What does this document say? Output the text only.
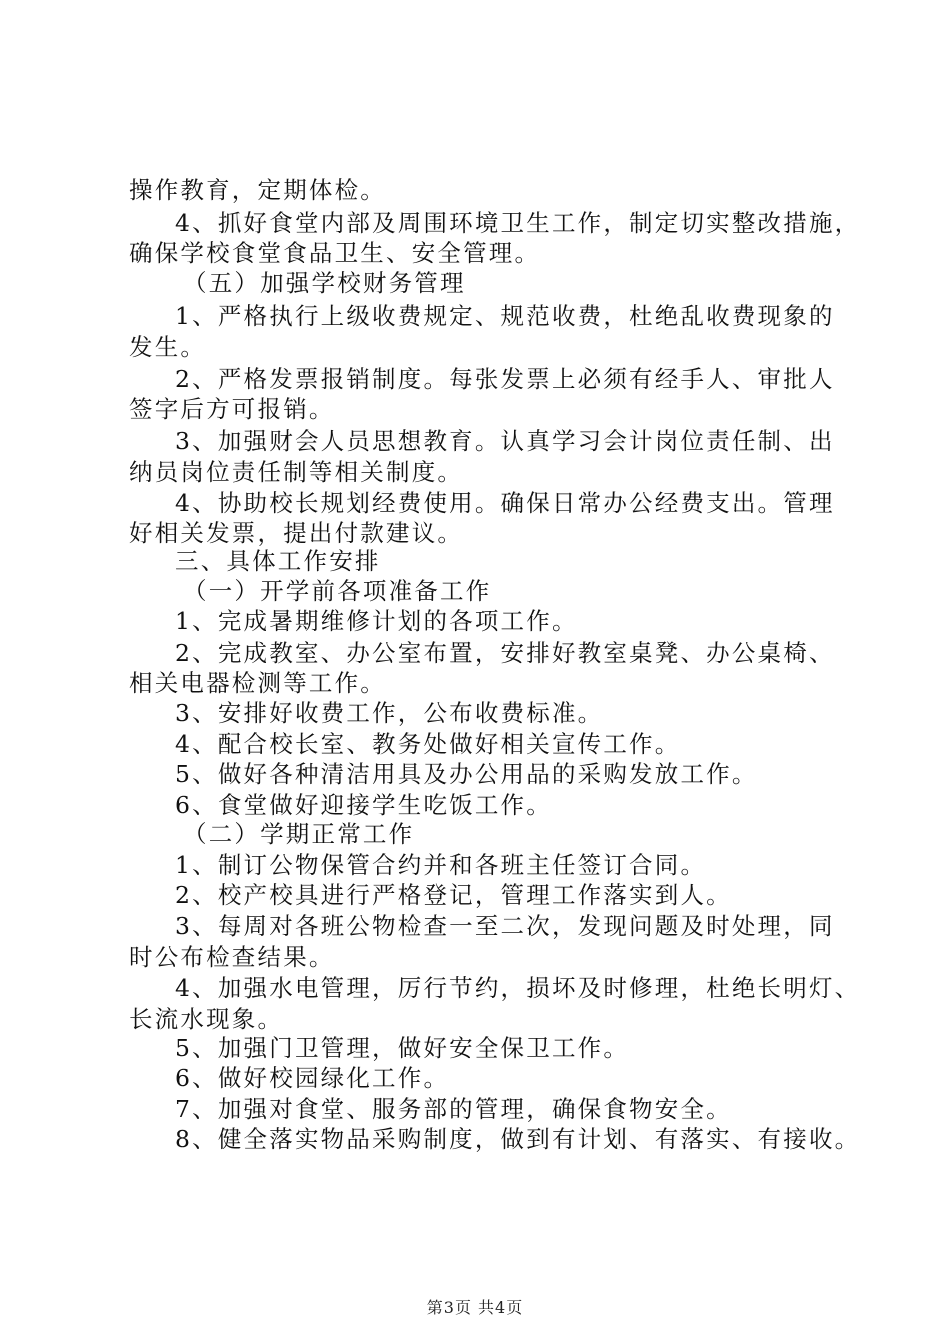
操作教育，定期体检。
4、抓好食堂内部及周围环境卫生工作，制定切实整改措施，
确保学校食堂食品卫生、安全管理。
（五）加强学校财务管理
1、严格执行上级收费规定、规范收费，杜绝乱收费现象的
发生。
2、严格发票报销制度。每张发票上必须有经手人、审批人
签字后方可报销。
3、加强财会人员思想教育。认真学习会计岗位责任制、出
纳员岗位责任制等相关制度。
4、协助校长规划经费使用。确保日常办公经费支出。管理
好相关发票，提出付款建议。
三、具体工作安排
（一）开学前各项准备工作
1、完成暑期维修计划的各项工作。
2、完成教室、办公室布置，安排好教室桌凳、办公桌椅、
相关电器检测等工作。
3、安排好收费工作，公布收费标准。
4、配合校长室、教务处做好相关宣传工作。
5、做好各种清洁用具及办公用品的采购发放工作。
6、食堂做好迎接学生吃饭工作。
（二）学期正常工作
1、制订公物保管合约并和各班主任签订合同。
2、校产校具进行严格登记，管理工作落实到人。
3、每周对各班公物检查一至二次，发现问题及时处理，同
时公布检查结果。
4、加强水电管理，厉行节约，损坏及时修理，杜绝长明灯、
长流水现象。
5、加强门卫管理，做好安全保卫工作。
6、做好校园绿化工作。
7、加强对食堂、服务部的管理，确保食物安全。
8、健全落实物品采购制度，做到有计划、有落实、有接收。
第3页 共4页
